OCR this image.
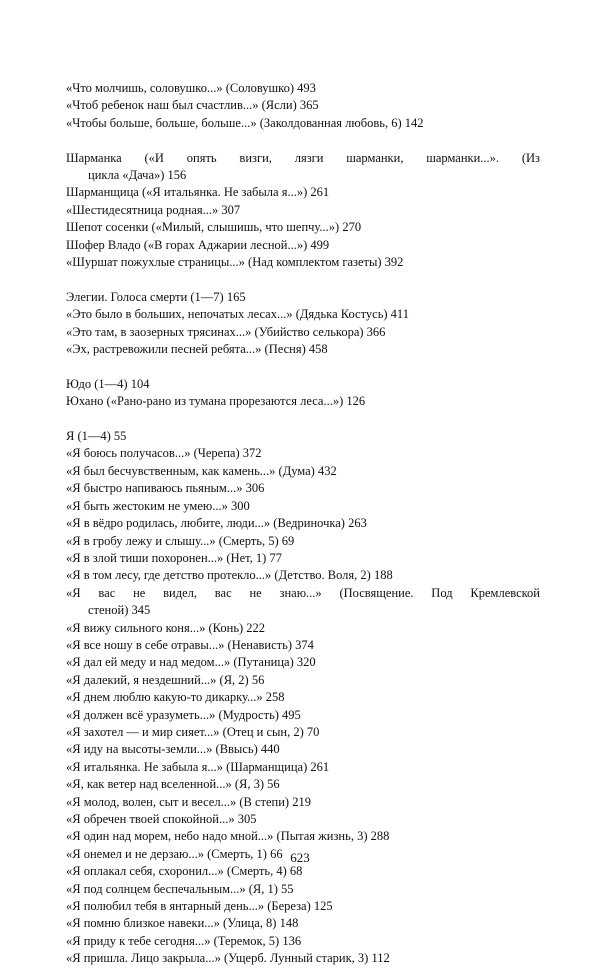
«Что молчишь, соловушко...» (Соловушко) 493
«Чтоб ребенок наш был счастлив...» (Ясли) 365
«Чтобы больше, больше, больше...» (Заколдованная любовь, 6) 142
Шарманка («И опять визги, лязги шарманки, шарманки...». (Из
цикла «Дача») 156
Шарманщица («Я итальянка. Не забыла я...») 261
«Шестидесятница родная...» 307
Шепот сосенки («Милый, слышишь, что шепчу...») 270
Шофер Владо («В горах Аджарии лесной...») 499
«Шуршат пожухлые страницы...» (Над комплектом газеты) 392
Элегии. Голоса смерти (1—7) 165
«Это было в больших, непочатых лесах...» (Дядька Костусь) 411
«Это там, в заозерных трясинах...» (Убийство селькора) 366
«Эх, растревожили песней ребята...» (Песня) 458
Юдо (1—4) 104
Юхано («Рано-рано из тумана прорезаются леса...») 126
Я (1—4) 55
«Я боюсь получасов...» (Черепа) 372
«Я был бесчувственным, как камень...» (Дума) 432
«Я быстро напиваюсь пьяным...» 306
«Я быть жестоким не умею...» 300
«Я в вёдро родилась, любите, люди...» (Ведриночка) 263
«Я в гробу лежу и слышу...» (Смерть, 5) 69
«Я в злой тиши похоронен...» (Нет, 1) 77
«Я в том лесу, где детство протекло...» (Детство. Воля, 2) 188
«Я вас не видел, вас не знаю...» (Посвящение. Под Кремлевской
стеной) 345
«Я вижу сильного коня...» (Конь) 222
«Я все ношу в себе отравы...» (Ненависть) 374
«Я дал ей меду и над медом...» (Путаница) 320
«Я далекий, я нездешний...» (Я, 2) 56
«Я днем люблю какую-то дикарку...» 258
«Я должен всё уразуметь...» (Мудрость) 495
«Я захотел — и мир сияет...» (Отец и сын, 2) 70
«Я иду на высоты-земли...» (Ввысь) 440
«Я итальянка. Не забыла я...» (Шарманщица) 261
«Я, как ветер над вселенной...» (Я, 3) 56
«Я молод, волен, сыт и весел...» (В степи) 219
«Я обречен твоей спокойной...» 305
«Я один над морем, небо надо мной...» (Пытая жизнь, 3) 288
«Я онемел и не дерзаю...» (Смерть, 1) 66
«Я оплакал себя, схоронил...» (Смерть, 4) 68
«Я под солнцем беспечальным...» (Я, 1) 55
«Я полюбил тебя в янтарный день...» (Береза) 125
«Я помню близкое навеки...» (Улица, 8) 148
«Я приду к тебе сегодня...» (Теремок, 5) 136
«Я пришла. Лицо закрыла...» (Ущерб. Лунный старик, 3) 112
623
